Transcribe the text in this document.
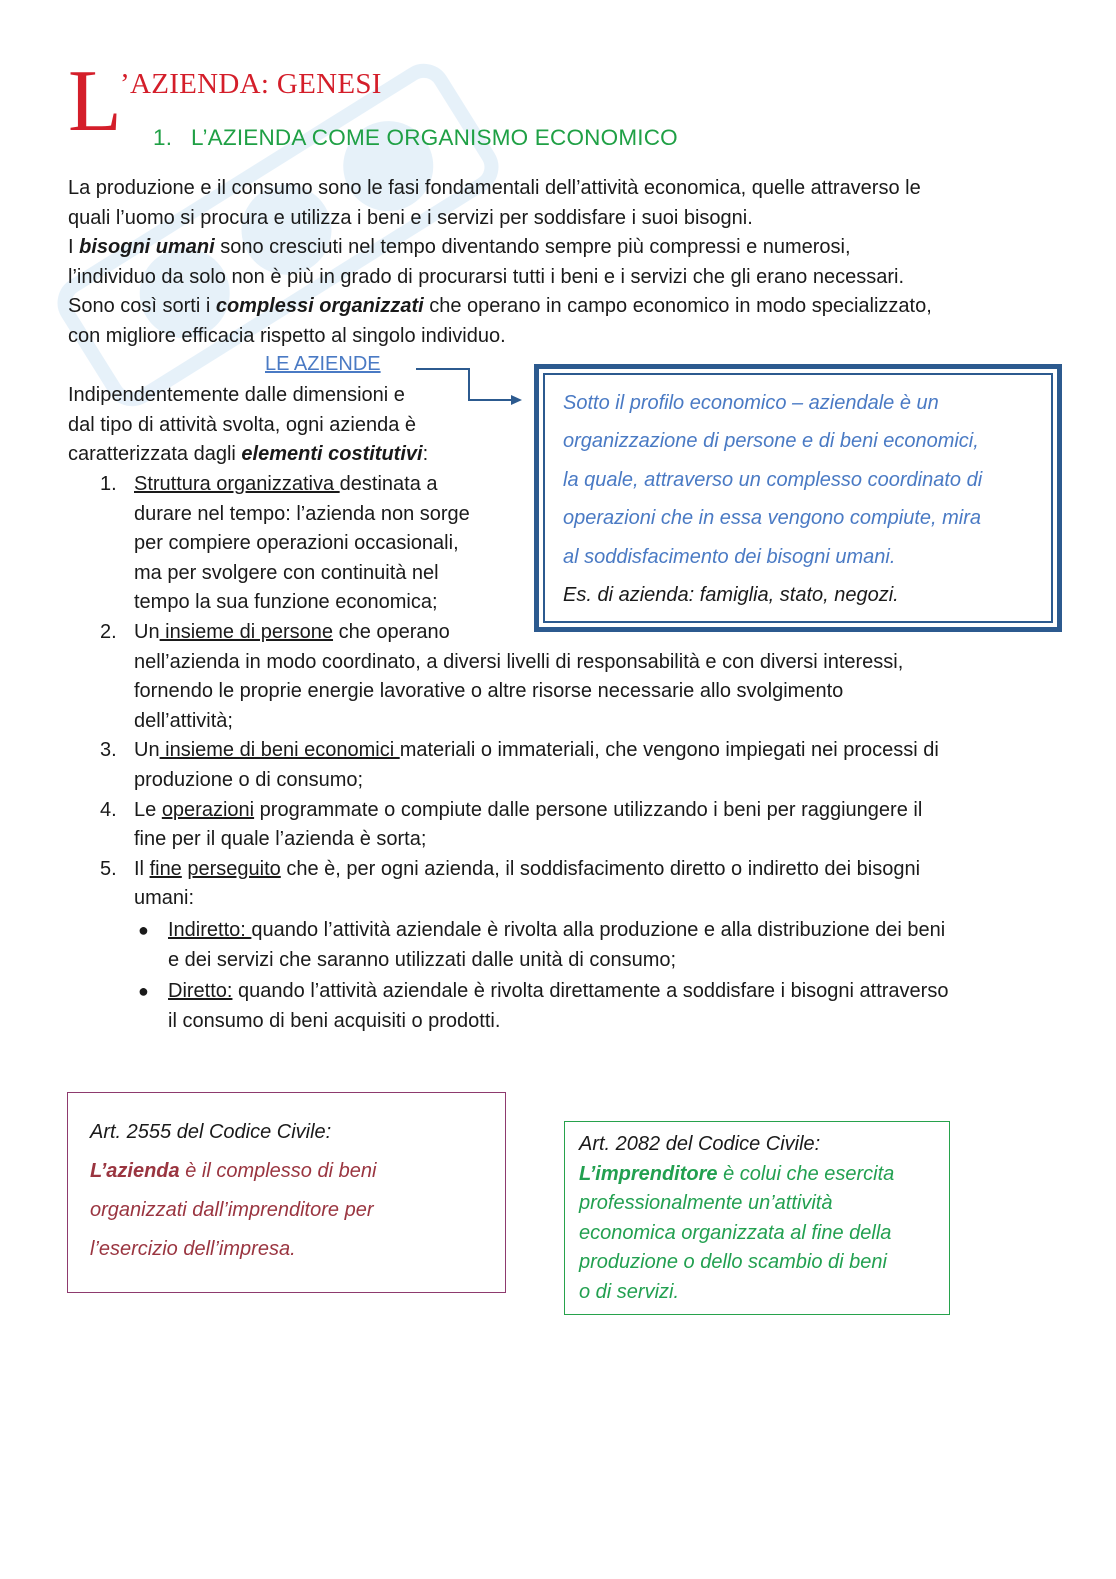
L
’AZIENDA: GENESI
1. L’AZIENDA COME ORGANISMO ECONOMICO
La produzione e il consumo sono le fasi fondamentali dell’attività economica, quelle attraverso le
quali l’uomo si procura e utilizza i beni e i servizi per soddisfare i suoi bisogni.
I bisogni umani sono cresciuti nel tempo diventando sempre più compressi e numerosi,
l’individuo da solo non è più in grado di procurarsi tutti i beni e i servizi che gli erano necessari.
Sono così sorti i complessi organizzati che operano in campo economico in modo specializzato,
con migliore efficacia rispetto al singolo individuo.
LE AZIENDE
Indipendentemente dalle dimensioni e
dal tipo di attività svolta, ogni azienda è
caratterizzata dagli elementi costitutivi:
Sotto il profilo economico – aziendale è un
organizzazione di persone e di beni economici,
la quale, attraverso un complesso coordinato di
operazioni che in essa vengono compiute, mira
al soddisfacimento dei bisogni umani.
Es. di azienda: famiglia, stato, negozi.
1. Struttura organizzativa destinata a
durare nel tempo: l’azienda non sorge
per compiere operazioni occasionali,
ma per svolgere con continuità nel
tempo la sua funzione economica;
2. Un insieme di persone che operano
nell’azienda in modo coordinato, a diversi livelli di responsabilità e con diversi interessi,
fornendo le proprie energie lavorative o altre risorse necessarie allo svolgimento
dell’attività;
3. Un insieme di beni economici materiali o immateriali, che vengono impiegati nei processi di
produzione o di consumo;
4. Le operazioni programmate o compiute dalle persone utilizzando i beni per raggiungere il
fine per il quale l’azienda è sorta;
5. Il fine perseguito che è, per ogni azienda, il soddisfacimento diretto o indiretto dei bisogni
umani:
● Indiretto: quando l’attività aziendale è rivolta alla produzione e alla distribuzione dei beni
e dei servizi che saranno utilizzati dalle unità di consumo;
● Diretto: quando l’attività aziendale è rivolta direttamente a soddisfare i bisogni attraverso
il consumo di beni acquisiti o prodotti.
Art. 2555 del Codice Civile:
L’azienda è il complesso di beni
organizzati dall’imprenditore per
l’esercizio dell’impresa.
Art. 2082 del Codice Civile:
L’imprenditore è colui che esercita
professionalmente un’attività
economica organizzata al fine della
produzione o dello scambio di beni
o di servizi.
